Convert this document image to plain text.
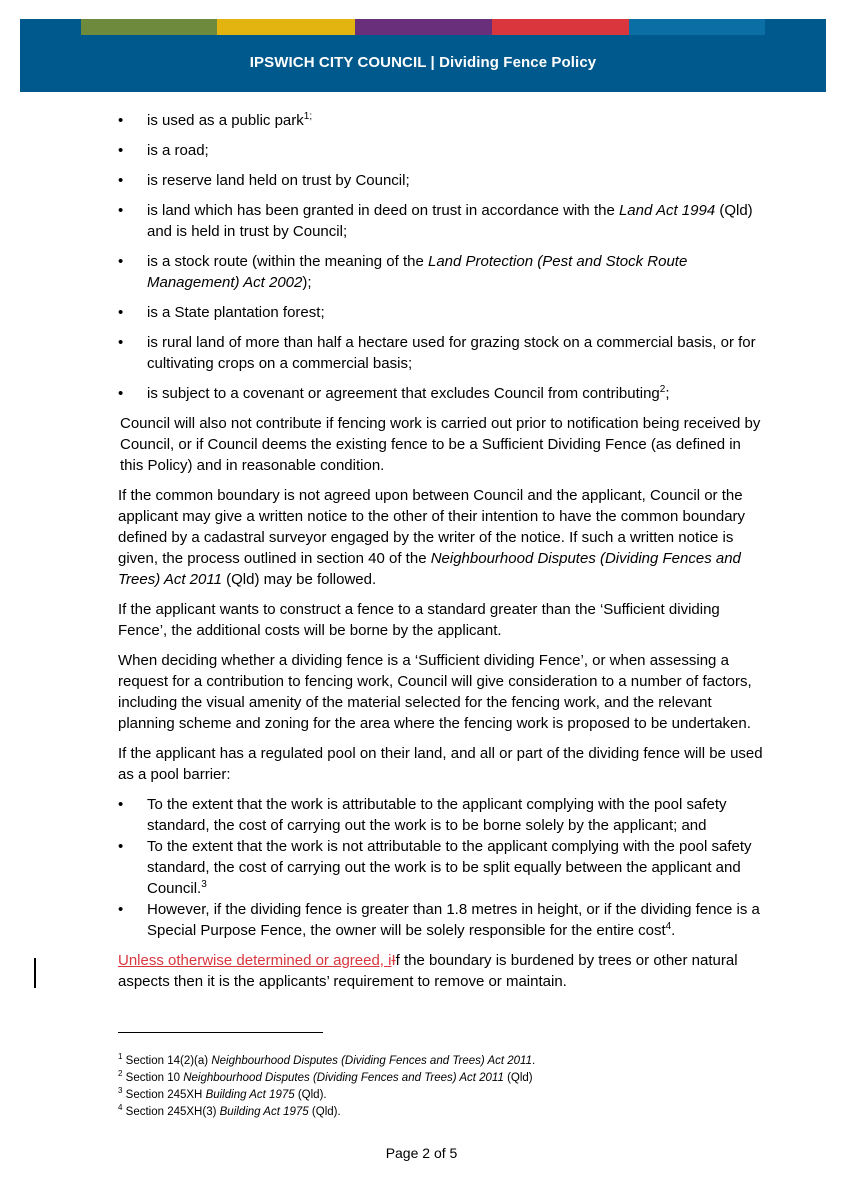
IPSWICH CITY COUNCIL | Dividing Fence Policy
• is used as a public park$^{1;}$
• is a road;
• is reserve land held on trust by Council;
• is land which has been granted in deed on trust in accordance with the Land Act 1994 (Qld) and is held in trust by Council;
• is a stock route (within the meaning of the Land Protection (Pest and Stock Route Management) Act 2002);
• is a State plantation forest;
• is rural land of more than half a hectare used for grazing stock on a commercial basis, or for cultivating crops on a commercial basis;
• is subject to a covenant or agreement that excludes Council from contributing$^2$;

Council will also not contribute if fencing work is carried out prior to notification being received by Council, or if Council deems the existing fence to be a Sufficient Dividing Fence (as defined in this Policy) and in reasonable condition.

If the common boundary is not agreed upon between Council and the applicant, Council or the applicant may give a written notice to the other of their intention to have the common boundary defined by a cadastral surveyor engaged by the writer of the notice. If such a written notice is given, the process outlined in section 40 of the Neighbourhood Disputes (Dividing Fences and Trees) Act 2011 (Qld) may be followed.

If the applicant wants to construct a fence to a standard greater than the ‘Sufficient dividing Fence’, the additional costs will be borne by the applicant.

When deciding whether a dividing fence is a ‘Sufficient dividing Fence’, or when assessing a request for a contribution to fencing work, Council will give consideration to a number of factors, including the visual amenity of the material selected for the fencing work, and the relevant planning scheme and zoning for the area where the fencing work is proposed to be undertaken.

If the applicant has a regulated pool on their land, and all or part of the dividing fence will be used as a pool barrier:

• To the extent that the work is attributable to the applicant complying with the pool safety standard, the cost of carrying out the work is to be borne solely by the applicant; and
• To the extent that the work is not attributable to the applicant complying with the pool safety standard, the cost of carrying out the work is to be split equally between the applicant and Council.$^3$
• However, if the dividing fence is greater than 1.8 metres in height, or if the dividing fence is a Special Purpose Fence, the owner will be solely responsible for the entire cost$^4$.

Unless otherwise determined or agreed, iIf the boundary is burdened by trees or other natural aspects then it is the applicants’ requirement to remove or maintain.

$^1$ Section 14(2)(a) Neighbourhood Disputes (Dividing Fences and Trees) Act 2011.
$^2$ Section 10 Neighbourhood Disputes (Dividing Fences and Trees) Act 2011 (Qld)
$^3$ Section 245XH Building Act 1975 (Qld).
$^4$ Section 245XH(3) Building Act 1975 (Qld).
Page 2 of 5
